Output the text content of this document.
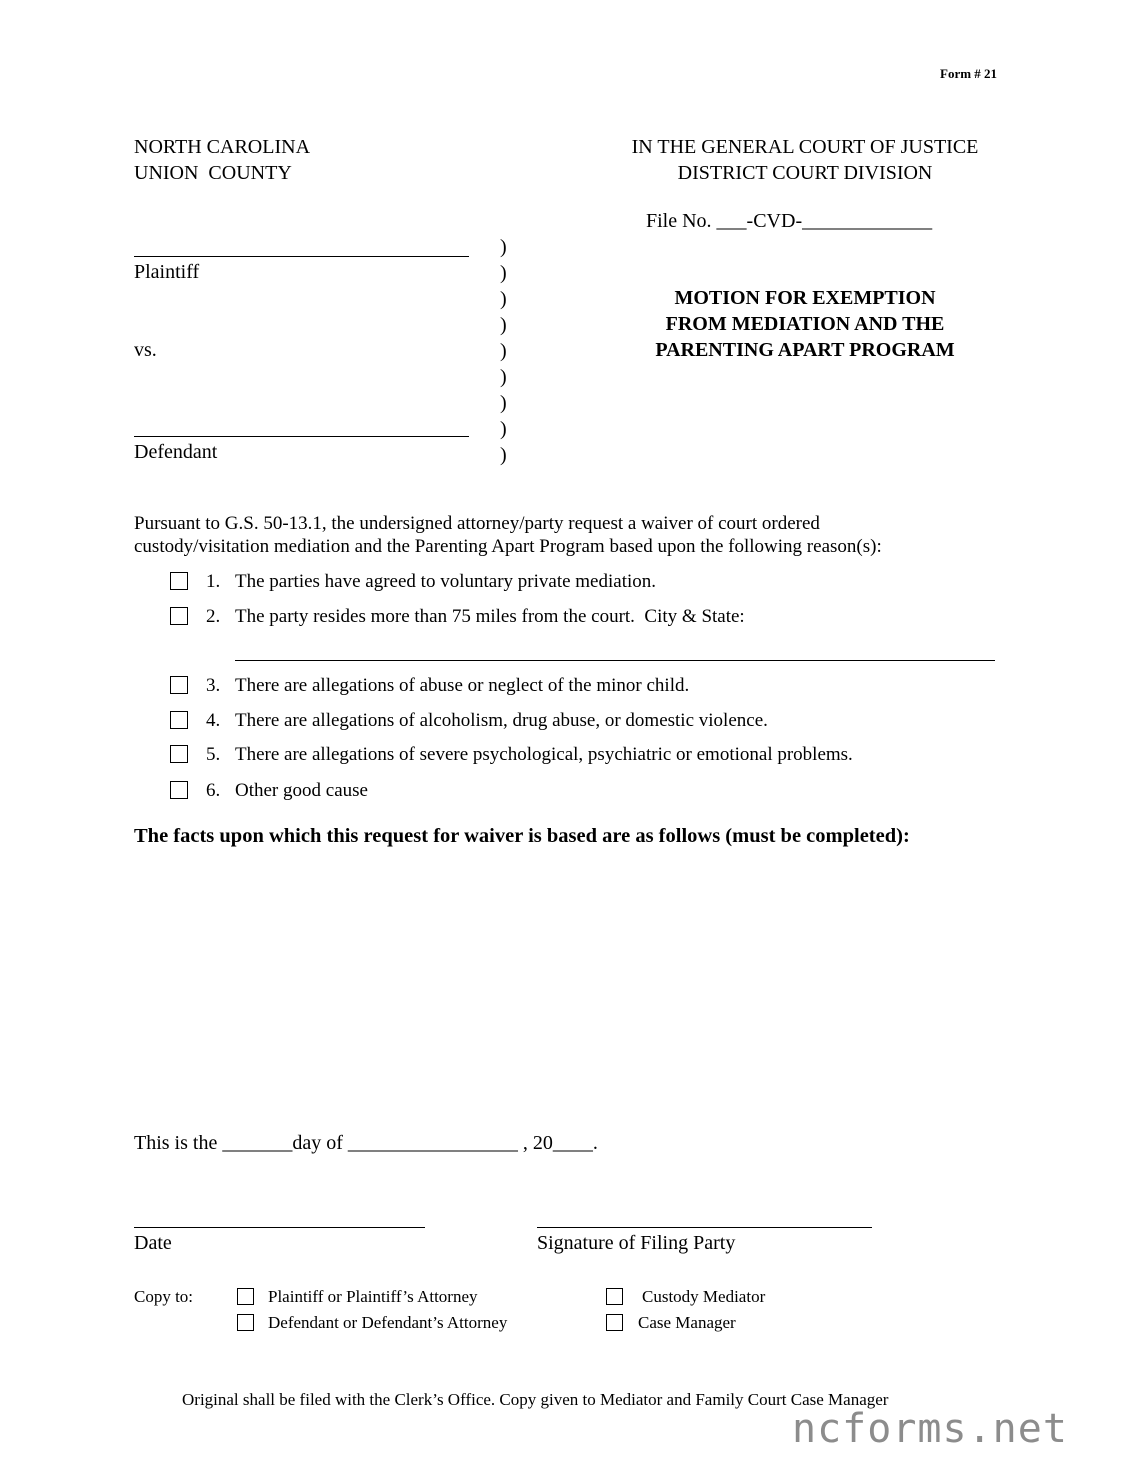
Form # 21
NORTH CAROLINA
UNION  COUNTY
IN THE GENERAL COURT OF JUSTICE
DISTRICT COURT DIVISION
File No. ___-CVD-_____________
Plaintiff
vs.
Defendant
)
)
)
)
)
)
)
)
)
MOTION FOR EXEMPTION
FROM MEDIATION AND THE
PARENTING APART PROGRAM
Pursuant to G.S. 50-13.1, the undersigned attorney/party request a waiver of court ordered
custody/visitation mediation and the Parenting Apart Program based upon the following reason(s):
1. The parties have agreed to voluntary private mediation.
2. The party resides more than 75 miles from the court.  City & State:
3. There are allegations of abuse or neglect of the minor child.
4. There are allegations of alcoholism, drug abuse, or domestic violence.
5. There are allegations of severe psychological, psychiatric or emotional problems.
6. Other good cause
The facts upon which this request for waiver is based are as follows (must be completed):
This is the _______day of _________________ , 20____.
Date	Signature of Filing Party
Copy to:	Plaintiff or Plaintiff’s Attorney
Defendant or Defendant’s Attorney
Custody Mediator
Case Manager
Original shall be filed with the Clerk’s Office. Copy given to Mediator and Family Court Case Manager
ncforms.net
